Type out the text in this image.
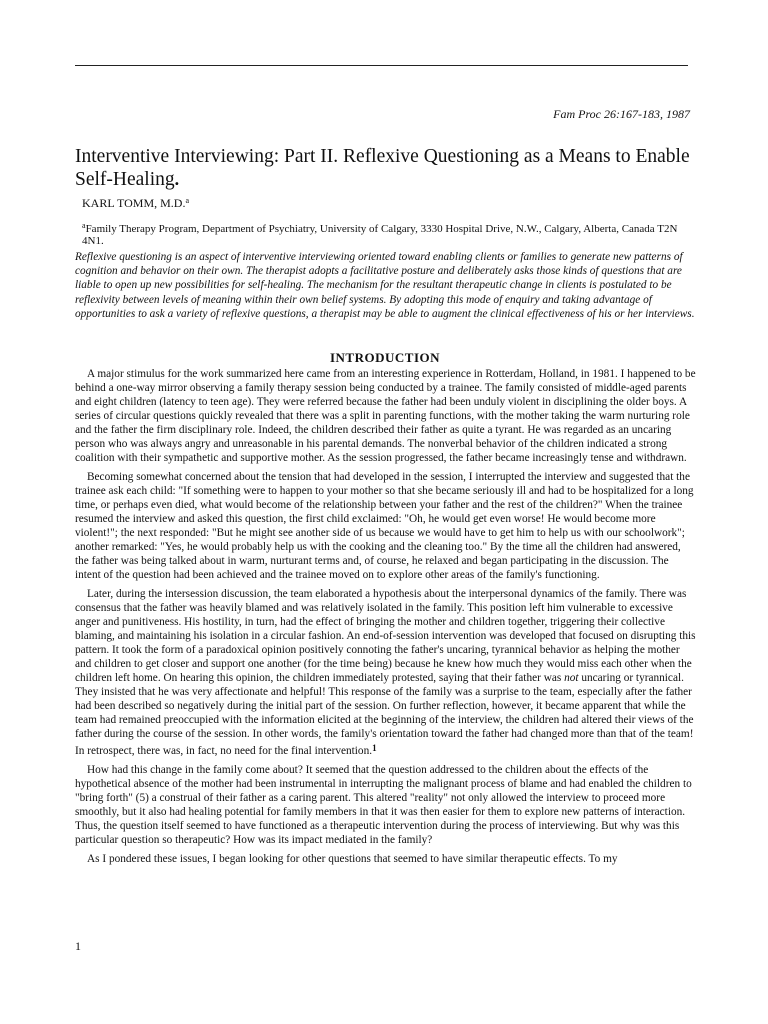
Fam Proc 26:167-183, 1987
Interventive Interviewing: Part II. Reflexive Questioning as a Means to Enable Self-Healing.
KARL TOMM, M.D.$^a$
$^a$Family Therapy Program, Department of Psychiatry, University of Calgary, 3330 Hospital Drive, N.W., Calgary, Alberta, Canada T2N 4N1.

Reflexive questioning is an aspect of interventive interviewing oriented toward enabling clients or families to generate new patterns of cognition and behavior on their own. The therapist adopts a facilitative posture and deliberately asks those kinds of questions that are liable to open up new possibilities for self-healing. The mechanism for the resultant therapeutic change in clients is postulated to be reflexivity between levels of meaning within their own belief systems. By adopting this mode of enquiry and taking advantage of opportunities to ask a variety of reflexive questions, a therapist may be able to augment the clinical effectiveness of his or her interviews.

INTRODUCTION

A major stimulus for the work summarized here came from an interesting experience in Rotterdam, Holland, in 1981. I happened to be behind a one-way mirror observing a family therapy session being conducted by a trainee. The family consisted of middle-aged parents and eight children (latency to teen age). They were referred because the father had been unduly violent in disciplining the older boys. A series of circular questions quickly revealed that there was a split in parenting functions, with the mother taking the warm nurturing role and the father the firm disciplinary role. Indeed, the children described their father as quite a tyrant. He was regarded as an uncaring person who was always angry and unreasonable in his parental demands. The nonverbal behavior of the children indicated a strong coalition with their sympathetic and supportive mother. As the session progressed, the father became increasingly tense and withdrawn.

Becoming somewhat concerned about the tension that had developed in the session, I interrupted the interview and suggested that the trainee ask each child: "If something were to happen to your mother so that she became seriously ill and had to be hospitalized for a long time, or perhaps even died, what would become of the relationship between your father and the rest of the children?" When the trainee resumed the interview and asked this question, the first child exclaimed: "Oh, he would get even worse! He would become more violent!"; the next responded: "But he might see another side of us because we would have to get him to help us with our schoolwork"; another remarked: "Yes, he would probably help us with the cooking and the cleaning too." By the time all the children had answered, the father was being talked about in warm, nurturant terms and, of course, he relaxed and began participating in the discussion. The intent of the question had been achieved and the trainee moved on to explore other areas of the family's functioning.

Later, during the intersession discussion, the team elaborated a hypothesis about the interpersonal dynamics of the family. There was consensus that the father was heavily blamed and was relatively isolated in the family. This position left him vulnerable to excessive anger and punitiveness. His hostility, in turn, had the effect of bringing the mother and children together, triggering their collective blaming, and maintaining his isolation in a circular fashion. An end-of-session intervention was developed that focused on disrupting this pattern. It took the form of a paradoxical opinion positively connoting the father's uncaring, tyrannical behavior as helping the mother and children to get closer and support one another (for the time being) because he knew how much they would miss each other when the children left home. On hearing this opinion, the children immediately protested, saying that their father was not uncaring or tyrannical. They insisted that he was very affectionate and helpful! This response of the family was a surprise to the team, especially after the father had been described so negatively during the initial part of the session. On further reflection, however, it became apparent that while the team had remained preoccupied with the information elicited at the beginning of the interview, the children had altered their views of the father during the course of the session. In other words, the family's orientation toward the father had changed more than that of the team! In retrospect, there was, in fact, no need for the final intervention.$^1$

How had this change in the family come about? It seemed that the question addressed to the children about the effects of the hypothetical absence of the mother had been instrumental in interrupting the malignant process of blame and had enabled the children to "bring forth" (5) a construal of their father as a caring parent. This altered "reality" not only allowed the interview to proceed more smoothly, but it also had healing potential for family members in that it was then easier for them to explore new patterns of interaction. Thus, the question itself seemed to have functioned as a therapeutic intervention during the process of interviewing. But why was this particular question so therapeutic? How was its impact mediated in the family?

As I pondered these issues, I began looking for other questions that seemed to have similar therapeutic effects. To my

1
